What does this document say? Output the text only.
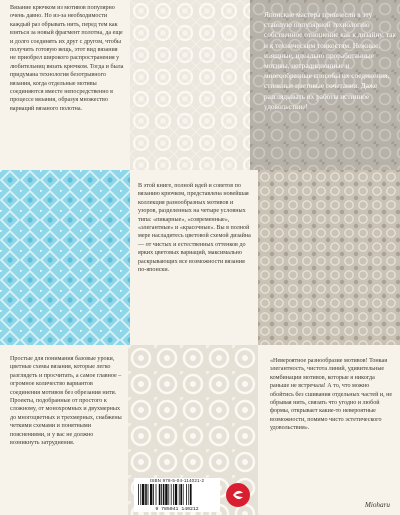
Вязание крючком из мотивов популярно очень давно. Но из-за необходимости каждый раз обрывать нить, перед тем как взяться за новый фрагмент полотна, да еще и долго соединять их друг с другом, чтобы получить готовую вещь, этот вид вязания не приобрел широкого распространения у любительниц вязать крючком. Тогда и была придумана технология безотрывного вязания, когда отдельные мотивы соединяются вместе непосредственно в процессе вязания, образуя множество вариаций вязаного полотна.

Японские мастера привнесли в эту ставшую популярной технологию собственное отношение как к дизайну, так и к техническим тонкостям. Нежные, изящные, идеально проработанные мотивы, нетрадиционные и многообразные способы их соединения, стильные цветовые сочетания. Даже разглядывать их работы истинное удовольствие!

В этой книге, полной идей и советов по вязанию крючком, представлена новейшая коллекция разнообразных мотивов и узоров, разделенных на четыре условных типа: «пикарные», «современные», «элегантные» и «красочные». Вы в полной мере насладитесь цветовой схемой дизайна — от чистых и естественных оттенков до ярких цветовых вариаций, максимально раскрывающих все возможности вязания по-японски.

Простые для понимания базовые уроки, цветные схемы вязания, которые легко разглядеть и просчитать, а самое главное – огромное количество вариантов соединения мотивов без обрезания нити. Проекты, подобранные от простого к сложному, от монохромных и двухмерных до многоцветных и трехмерных, снабжены четкими схемами и понятными пояснениями, и у вас не должно возникнуть затруднения.

«Невероятное разнообразие мотивов! Тонкая элегантность, чистота линий, удивительные комбинации мотивов, которые я никогда раньше не встречала! А то, что можно обойтись без сшивания отдельных частей и, не обрывая нить, связать что угодно и любой формы, открывает какие-то невероятные возможности, помимо чисто эстетического удовольствия».

Mioharu
ISBN 978-5-04-114021-2
9 785041 140212
